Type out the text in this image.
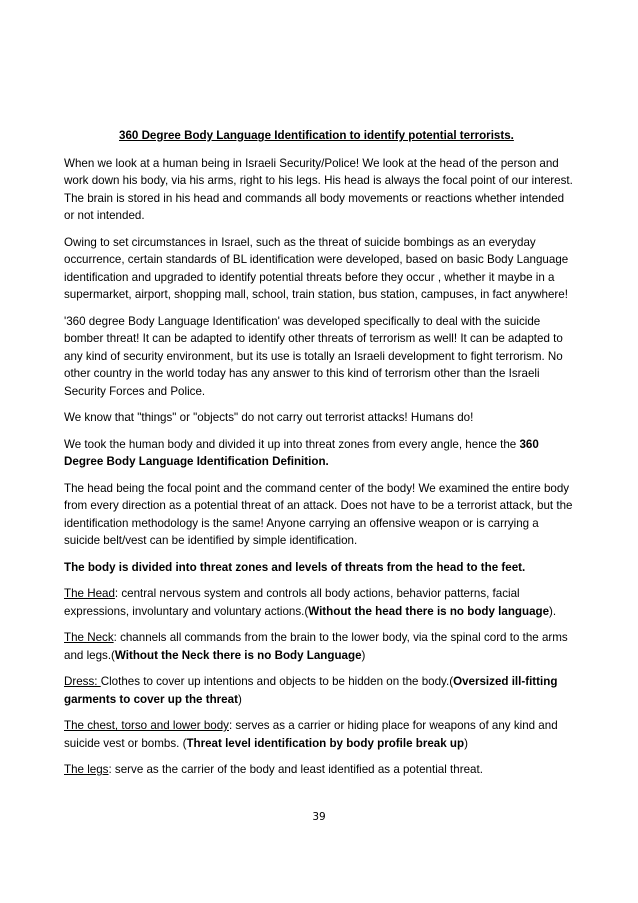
360 Degree Body Language Identification to identify potential terrorists.

When we look at a human being in Israeli Security/Police! We look at the head of the person and work down his body, via his arms, right to his legs. His head is always the focal point of our interest. The brain is stored in his head and commands all body movements or reactions whether intended or not intended.

Owing to set circumstances in Israel, such as the threat of suicide bombings as an everyday occurrence, certain standards of BL identification were developed, based on basic Body Language identification and upgraded to identify potential threats before they occur , whether it maybe in a supermarket, airport, shopping mall, school, train station, bus station, campuses, in fact anywhere!

'360 degree Body Language Identification' was developed specifically to deal with the suicide bomber threat! It can be adapted to identify other threats of terrorism as well! It can be adapted to any kind of security environment, but its use is totally an Israeli development to fight terrorism. No other country in the world today has any answer to this kind of terrorism other than the Israeli Security Forces and Police.

We know that "things" or "objects" do not carry out terrorist attacks! Humans do!

We took the human body and divided it up into threat zones from every angle, hence the 360 Degree Body Language Identification Definition.

The head being the focal point and the command center of the body! We examined the entire body from every direction as a potential threat of an attack. Does not have to be a terrorist attack, but the identification methodology is the same! Anyone carrying an offensive weapon or is carrying a suicide belt/vest can be identified by simple identification.

The body is divided into threat zones and levels of threats from the head to the feet.

The Head: central nervous system and controls all body actions, behavior patterns, facial expressions, involuntary and voluntary actions.(Without the head there is no body language).

The Neck: channels all commands from the brain to the lower body, via the spinal cord to the arms and legs.(Without the Neck there is no Body Language)

Dress: Clothes to cover up intentions and objects to be hidden on the body.(Oversized ill-fitting garments to cover up the threat)

The chest, torso and lower body: serves as a carrier or hiding place for weapons of any kind and suicide vest or bombs. (Threat level identification by body profile break up)

The legs: serve as the carrier of the body and least identified as a potential threat.

39
